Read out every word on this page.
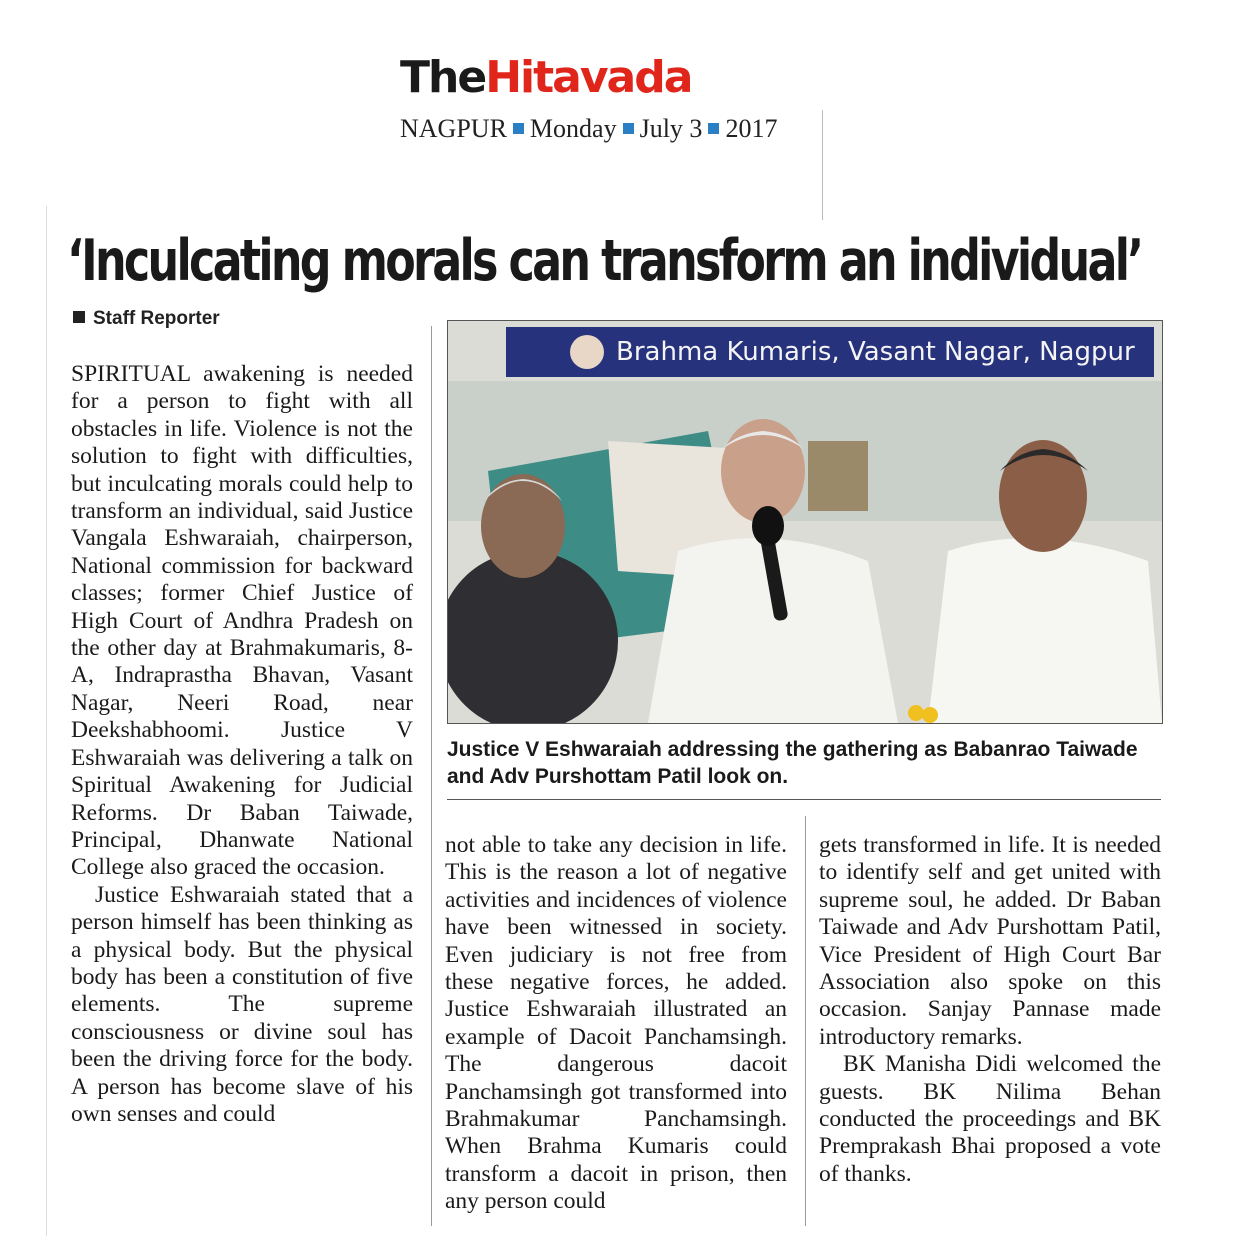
TheHitavada
NAGPUR Monday July 3 2017
‘Inculcating morals can transform an individual’
Staff Reporter

SPIRITUAL awakening is needed for a person to fight with all obstacles in life. Violence is not the solution to fight with difficulties, but inculcating morals could help to transform an individual, said Justice Vangala Eshwaraiah, chairperson, National commission for backward classes; former Chief Justice of High Court of Andhra Pradesh on the other day at Brahmakumaris, 8-A, Indraprastha Bhavan, Vasant Nagar, Neeri Road, near Deekshabhoomi. Justice V Eshwaraiah was delivering a talk on Spiritual Awakening for Judicial Reforms. Dr Baban Taiwade, Principal, Dhanwate National College also graced the occasion.

Justice Eshwaraiah stated that a person himself has been thinking as a physical body. But the physical body has been a constitution of five elements. The supreme consciousness or divine soul has been the driving force for the body. A person has become slave of his own senses and could

Brahma Kumaris, Vasant Nagar, Nagpur
Justice V Eshwaraiah addressing the gathering as Babanrao Taiwade and Adv Purshottam Patil look on.

not able to take any decision in life. This is the reason a lot of negative activities and incidences of violence have been witnessed in society. Even judiciary is not free from these negative forces, he added. Justice Eshwaraiah illustrated an example of Dacoit Panchamsingh. The dangerous dacoit Panchamsingh got transformed into Brahmakumar Panchamsingh. When Brahma Kumaris could transform a dacoit in prison, then any person could

gets transformed in life. It is needed to identify self and get united with supreme soul, he added. Dr Baban Taiwade and Adv Purshottam Patil, Vice President of High Court Bar Association also spoke on this occasion. Sanjay Pannase made introductory remarks.

BK Manisha Didi welcomed the guests. BK Nilima Behan conducted the proceedings and BK Premprakash Bhai proposed a vote of thanks.
